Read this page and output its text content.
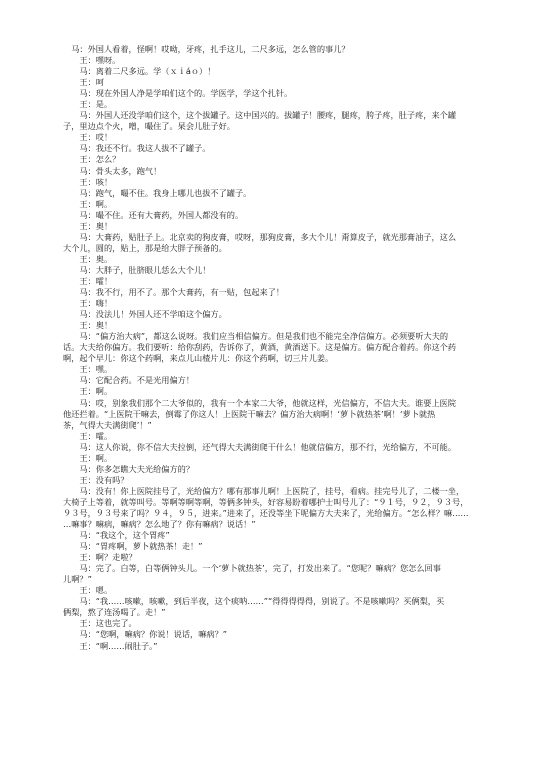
　马：外国人看着，怪啊！哎呦，牙疼，扎手这儿，二尺多远，怎么管的事儿？
　　王：嘿呀。
　　马：离着二尺多远。学（ｘｉáｏ）！
　　王：呵
　　马：现在外国人净是学咱们这个的。学医学，学这个扎针。
　　王：是。
　　马：外国人还没学咱们这个，这个拔罐子。这中国兴的。拔罐子！腰疼，腿疼，胯子疼，肚子疼，来个罐
子，里边点个火，噌，嘬住了。杲会儿肚子好。
　　王：哎！
　　马：我还不行。我这人拔不了罐子。
　　王：怎么？
　　马：骨头太多，跑气！
　　王：咳！
　　马：跑气，嘬不住。我身上哪儿也拔不了罐子。
　　王：啊。
　　马：嘬不住。还有大膏药，外国人都没有的。
　　王：奥！
　　马：大膏药，贴肚子上。北京卖的狗皮膏，哎呀，那狗皮膏，多大个儿！甭算皮子，就光那膏油子，这么
大个儿，圆的，贴上，那是给大胖子预备的。
　　王：奥。
　　马：大胖子，肚脐眼儿恁么大个儿！
　　王：嚯！
　　马：我不行，用不了。那个大膏药，有一贴，包起来了！
　　王：嗨！
　　马：没法儿！外国人还不学咱这个偏方。
　　王：奥！
　　马：“偏方治大病”，都这么说呀。我们应当相信偏方。但是我们也不能完全净信偏方。必须要听大夫的
话。大夫给你偏方。我们要听：给你刮药，告诉你了，黄酒，黄酒送下。这是偏方。偏方配合着药。你这个药
啊，起个早儿：你这个药啊，来点儿山楂片儿：你这个药啊，切三片儿姜。
　　王：嘿。
　　马：它配合药。不是光用偏方！
　　王：啊。
　　马：哎，别象我们那个二大爷似的，我有一个本家二大爷，他就这样，光信偏方，不信大夫。谁要上医院
他还拦着。“上医院干嘛去，倒霉了你这人！上医院干嘛去？偏方治大病啊！‘萝卜就热茶’啊！‘萝卜就热
茶，气得大夫满街爬’！”
　　王：嚯。
　　马：这人你说，你不信大夫拉倒，还气得大夫满街爬干什么！他就信偏方，那不行，光给偏方，不可能。
　　王：啊。
　　马：你多怎瞧大夫光给偏方的？
　　王：没有吗？
　　马：没有！你上医院挂号了，光给偏方？哪有那事儿啊！上医院了，挂号，看病。挂完号儿了，二楼一坐，
大椅子上等着，就等叫号。等啊等啊等啊，等俩多钟头，好容易盼着哪护士叫号儿了：“９１号，９２，９３号，
９３号，９３号来了吗？９４，９５，进来。”进来了，还没等坐下呢偏方大夫来了，光给偏方。“怎么样？嘛……
…嘛事？嘛病，嘛病？怎么地了？你有嘛病？说话！”
　　马：“我这个，这个胃疼”
　　马：“胃疼啊，萝卜就热茶！走！”
　　王：啊？走啦？
　　马：完了。白等，白等俩钟头儿。一个‘萝卜就热茶’，完了，打发出来了。“您呢？嘛病？您怎么回事
儿啊？”
　　王：嗯。
　　马：“我……咳嗽，咳嗽，到后半夜，这个痰呐……”“得得得得得，别说了。不是咳嗽吗？买俩梨，买
俩梨，熬了连汤喝了。走！”
　　王：这也完了。
　　马：“您啊，嘛病？你说！说话，嘛病？”
　　王：“啊……闹肚子。”
